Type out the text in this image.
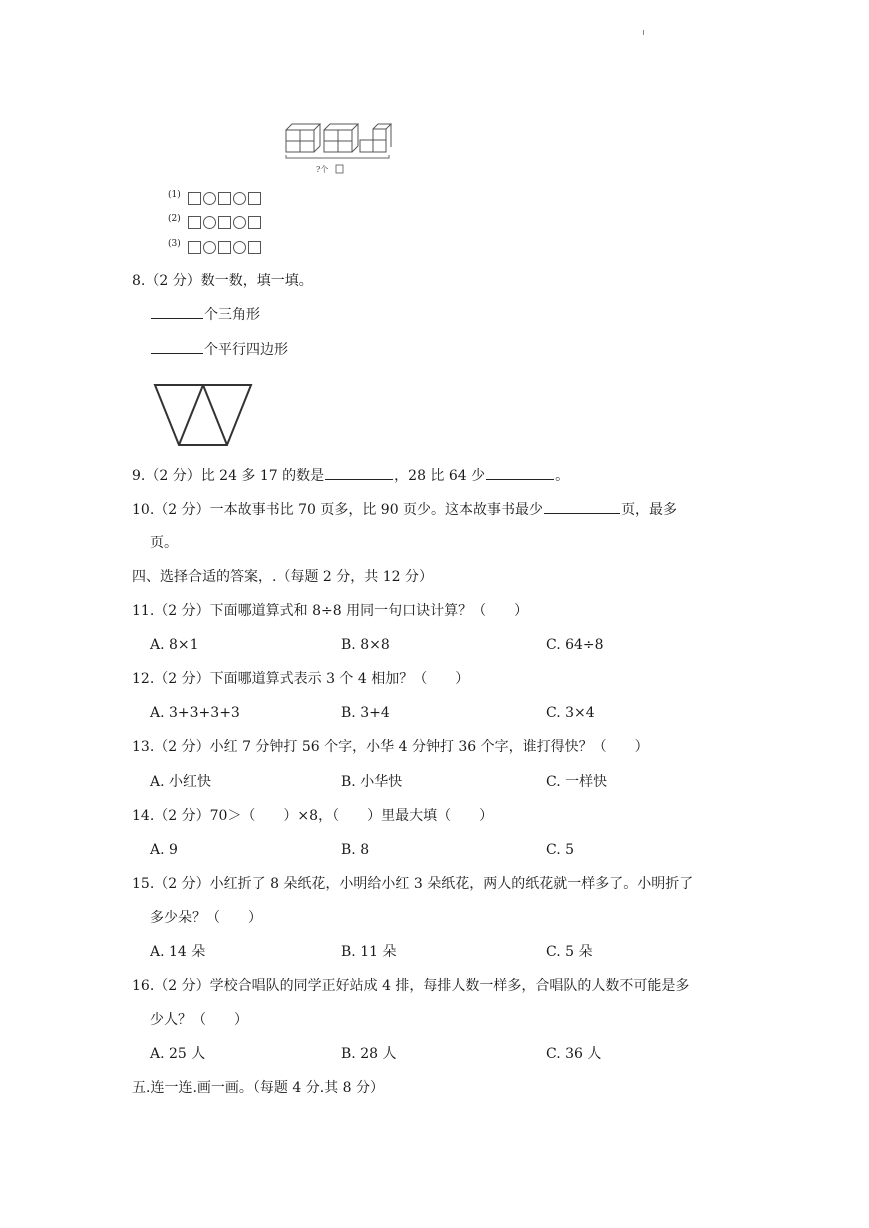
?个
(1)
(2)
(3)
8.（2 分）数一数，填一填。
个三角形
个平行四边形
9.（2 分）比 24 多 17 的数是	，28 比 64 少	。
10.（2 分）一本故事书比 70 页多，比 90 页少。这本故事书最少	页，最多
页。
四、选择合适的答案，.（每题 2 分，共 12 分）
11.（2 分）下面哪道算式和 8÷8 用同一句口诀计算？（　　）
A. 8×1	B. 8×8	C. 64÷8
12.（2 分）下面哪道算式表示 3 个 4 相加？（　　）
A. 3+3+3+3	B. 3+4	C. 3×4
13.（2 分）小红 7 分钟打 56 个字，小华 4 分钟打 36 个字，谁打得快？（　　）
A. 小红快	B. 小华快	C. 一样快
14.（2 分）70＞（　　）×8，（　　）里最大填（　　）
A. 9	B. 8	C. 5
15.（2 分）小红折了 8 朵纸花，小明给小红 3 朵纸花，两人的纸花就一样多了。小明折了
多少朵？（　　）
A. 14 朵	B. 11 朵	C. 5 朵
16.（2 分）学校合唱队的同学正好站成 4 排，每排人数一样多，合唱队的人数不可能是多
少人？（　　）
A. 25 人	B. 28 人	C. 36 人
五.连一连.画一画。（每题 4 分.其 8 分）
